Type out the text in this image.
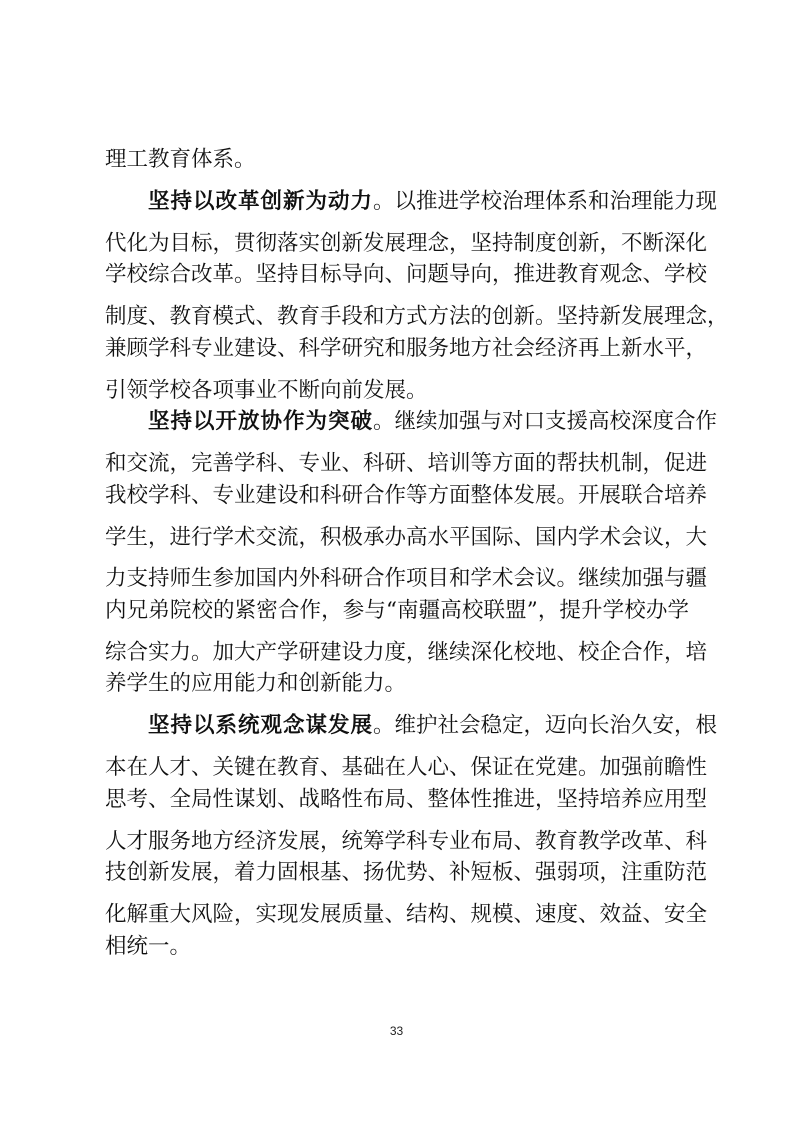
理工教育体系。
坚持以改革创新为动力。以推进学校治理体系和治理能力现
代化为目标，贯彻落实创新发展理念，坚持制度创新，不断深化
学校综合改革。坚持目标导向、问题导向，推进教育观念、学校
制度、教育模式、教育手段和方式方法的创新。坚持新发展理念，
兼顾学科专业建设、科学研究和服务地方社会经济再上新水平，
引领学校各项事业不断向前发展。
坚持以开放协作为突破。继续加强与对口支援高校深度合作
和交流，完善学科、专业、科研、培训等方面的帮扶机制，促进
我校学科、专业建设和科研合作等方面整体发展。开展联合培养
学生，进行学术交流，积极承办高水平国际、国内学术会议，大
力支持师生参加国内外科研合作项目和学术会议。继续加强与疆
内兄弟院校的紧密合作，参与“南疆高校联盟”，提升学校办学
综合实力。加大产学研建设力度，继续深化校地、校企合作，培
养学生的应用能力和创新能力。
坚持以系统观念谋发展。维护社会稳定，迈向长治久安，根
本在人才、关键在教育、基础在人心、保证在党建。加强前瞻性
思考、全局性谋划、战略性布局、整体性推进，坚持培养应用型
人才服务地方经济发展，统筹学科专业布局、教育教学改革、科
技创新发展，着力固根基、扬优势、补短板、强弱项，注重防范
化解重大风险，实现发展质量、结构、规模、速度、效益、安全
相统一。
33
